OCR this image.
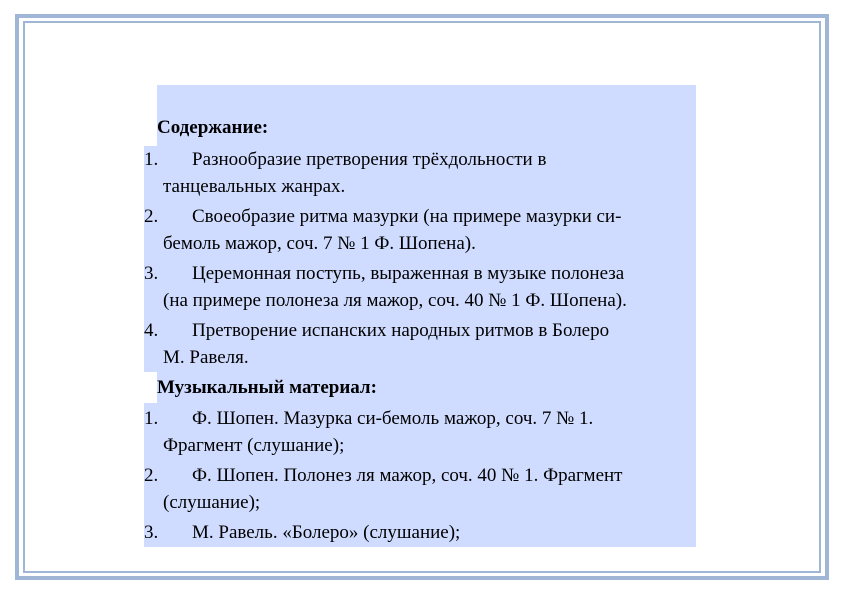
Содержание:
1. Разнообразие претворения трёхдольности в
танцевальных жанрах.
2. Своеобразие ритма мазурки (на примере мазурки си-
бемоль мажор, соч. 7 № 1 Ф. Шопена).
3. Церемонная поступь, выраженная в музыке полонеза
(на примере полонеза ля мажор, соч. 40 № 1 Ф. Шопена).
4. Претворение испанских народных ритмов в Болеро
М. Равеля.
Музыкальный материал:
1. Ф. Шопен. Мазурка си-бемоль мажор, соч. 7 № 1.
Фрагмент (слушание);
2. Ф. Шопен. Полонез ля мажор, соч. 40 № 1. Фрагмент
(слушание);
3. М. Равель. «Болеро» (слушание);
